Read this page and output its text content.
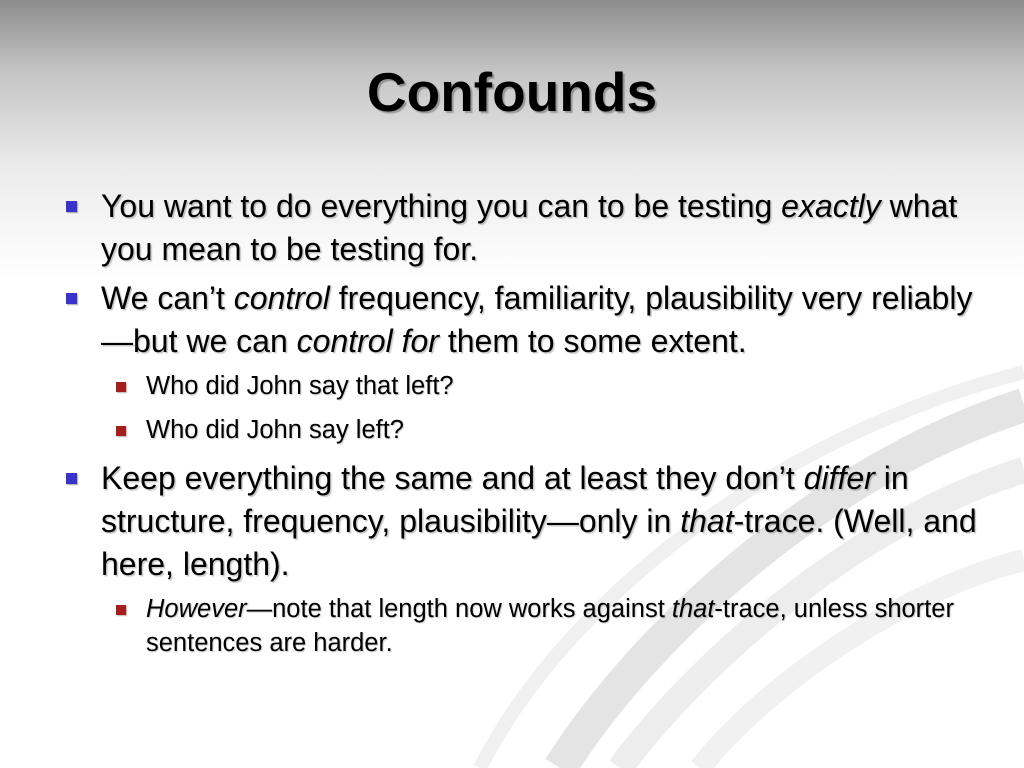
Confounds
You want to do everything you can to be testing exactly what you mean to be testing for.
We can’t control frequency, familiarity, plausibility very reliably—but we can control for them to some extent.
Who did John say that left?
Who did John say left?
Keep everything the same and at least they don’t differ in structure, frequency, plausibility—only in that-trace. (Well, and here, length).
However—note that length now works against that-trace, unless shorter sentences are harder.
